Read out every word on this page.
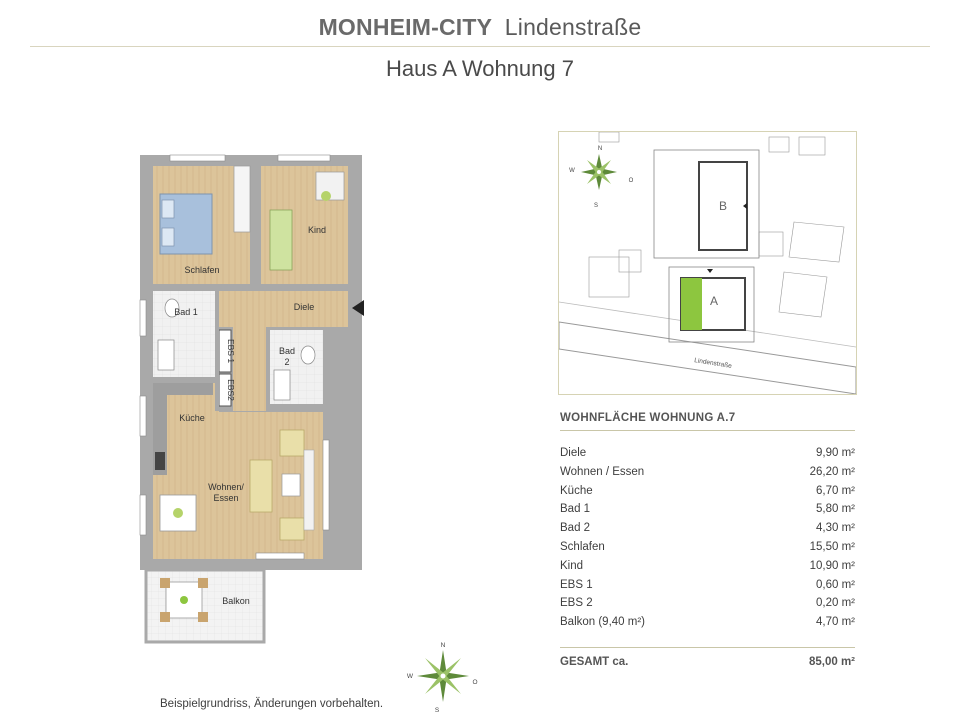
MONHEIM-CITY Lindenstraße
Haus A Wohnung 7
Schlafen
Kind
Bad 1	Diele
Bad
2
EBS 1
EBS2
Küche
Wohnen/
Essen
Balkon
Lindenstraße
B
A
N
S
W
O
WOHNFLÄCHE WOHNUNG A.7
Diele	9,90 m²
Wohnen / Essen	26,20 m²
Küche	6,70 m²
Bad 1	5,80 m²
Bad 2	4,30 m²
Schlafen	15,50 m²
Kind	10,90 m²
EBS 1	0,60 m²
EBS 2	0,20 m²
Balkon (9,40 m²)	4,70 m²
GESAMT ca.	85,00 m²
N
S
W
O
Beispielgrundriss, Änderungen vorbehalten.
